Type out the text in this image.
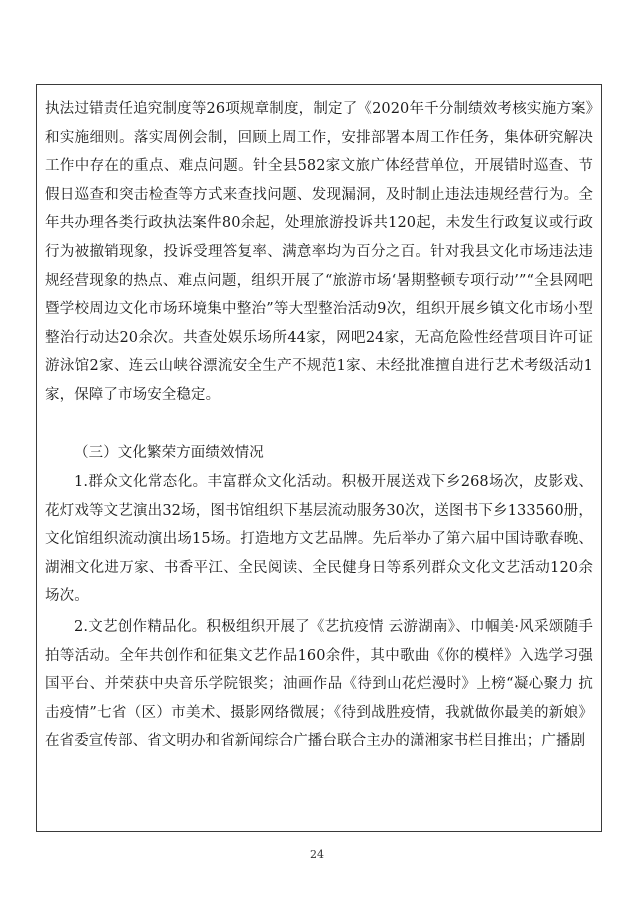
执法过错责任追究制度等26项规章制度，制定了《2020年千分制绩效考核实施方案》和实施细则。落实周例会制，回顾上周工作，安排部署本周工作任务，集体研究解决工作中存在的重点、难点问题。针全县582家文旅广体经营单位，开展错时巡查、节假日巡查和突击检查等方式来查找问题、发现漏洞，及时制止违法违规经营行为。全年共办理各类行政执法案件80余起，处理旅游投诉共120起，未发生行政复议或行政行为被撤销现象，投诉受理答复率、满意率均为百分之百。针对我县文化市场违法违规经营现象的热点、难点问题，组织开展了“旅游市场‘暑期整顿专项行动’”“全县网吧暨学校周边文化市场环境集中整治”等大型整治活动9次，组织开展乡镇文化市场小型整治行动达20余次。共查处娱乐场所44家，网吧24家，无高危险性经营项目许可证游泳馆2家、连云山峡谷漂流安全生产不规范1家、未经批准擅自进行艺术考级活动1家，保障了市场安全稳定。

（三）文化繁荣方面绩效情况

1.群众文化常态化。丰富群众文化活动。积极开展送戏下乡268场次，皮影戏、花灯戏等文艺演出32场，图书馆组织下基层流动服务30次，送图书下乡133560册，文化馆组织流动演出场15场。打造地方文艺品牌。先后举办了第六届中国诗歌春晚、湖湘文化进万家、书香平江、全民阅读、全民健身日等系列群众文化文艺活动120余场次。

2.文艺创作精品化。积极组织开展了《艺抗疫情 云游湖南》、巾帼美·风采颂随手拍等活动。全年共创作和征集文艺作品160余件，其中歌曲《你的模样》入选学习强国平台、并荣获中央音乐学院银奖；油画作品《待到山花烂漫时》上榜“凝心聚力 抗击疫情”七省（区）市美术、摄影网络微展；《待到战胜疫情，我就做你最美的新娘》在省委宣传部、省文明办和省新闻综合广播台联合主办的潇湘家书栏目推出；广播剧

24
